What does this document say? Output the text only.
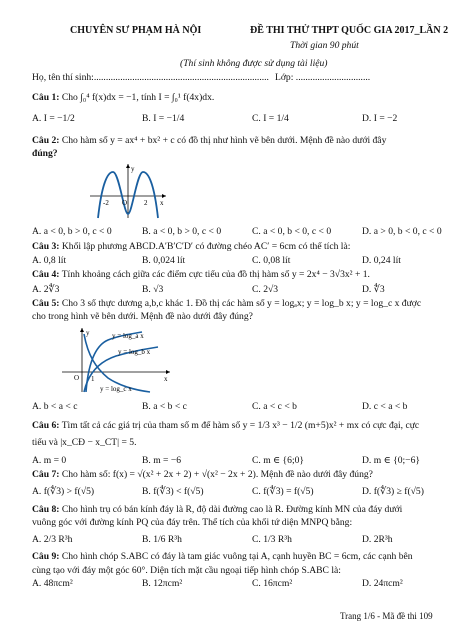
CHUYÊN SƯ PHẠM HÀ NỘI	ĐỀ THI THỬ THPT QUỐC GIA 2017_LẦN 2
Thời gian 90 phút
(Thí sinh không được sử dụng tài liệu)
Họ, tên thí sinh:......................................................................... Lớp: ...............................
Câu 1: Cho ∫₀⁴ f(x)dx = −1, tính I = ∫₀¹ f(4x)dx.
A. I = −1/2	B. I = −1/4	C. I = 1/4	D. I = −2
Câu 2: Cho hàm số y = ax⁴ + bx² + c có đồ thị như hình vẽ bên dưới. Mệnh đề nào dưới đây
đúng?
y
x
-2 O 2
A. a < 0, b > 0, c < 0	B. a < 0, b > 0, c < 0	C. a < 0, b < 0, c < 0	D. a > 0, b < 0, c < 0
Câu 3: Khối lập phương ABCD.A′B′C′D′ có đường chéo AC′ = 6cm có thể tích là:
A. 0,8 lít	B. 0,024 lít	C. 0,08 lít	D. 0,24 lít
Câu 4: Tính khoảng cách giữa các điểm cực tiểu của đồ thị hàm số y = 2x⁴ − 3√3x² + 1.
A. 2∜3	B. √3	C. 2√3	D. ∜3
Câu 5: Cho 3 số thực dương a,b,c khác 1. Đồ thị các hàm số y = logₐx; y = log_b x; y = log_c x được
cho trong hình vẽ bên dưới. Mệnh đề nào dưới đây đúng?
y	y = log_a x
y = log_b x
x
O 1
y = log_c x
A. b < a < c	B. a < b < c	C. a < c < b	D. c < a < b
Câu 6: Tìm tất cả các giá trị của tham số m để hàm số y = 1/3 x³ − 1/2 (m+5)x² + mx có cực đại, cực
tiểu và |x_CĐ − x_CT| = 5.
A. m = 0	B. m = −6	C. m ∈ {6;0}	D. m ∈ {0;−6}
Câu 7: Cho hàm số: f(x) = √(x² + 2x + 2) + √(x² − 2x + 2). Mệnh đề nào dưới đây đúng?
A. f(∜3) > f(√5)	B. f(∜3) < f(√5)	C. f(∜3) = f(√5)	D. f(∜3) ≥ f(√5)
Câu 8: Cho hình trụ có bán kính đáy là R, độ dài đường cao là R. Đường kính MN của đáy dưới
vuông góc với đường kính PQ của đáy trên. Thể tích của khối tứ diện MNPQ bằng:
A. 2/3 R³h	B. 1/6 R³h	C. 1/3 R³h	D. 2R³h
Câu 9: Cho hình chóp S.ABC có đáy là tam giác vuông tại A, cạnh huyền BC = 6cm, các cạnh bên
cùng tạo với đáy một góc 60°. Diện tích mặt cầu ngoại tiếp hình chóp S.ABC là:
A. 48πcm²	B. 12πcm²	C. 16πcm²	D. 24πcm²
Trang 1/6 - Mã đề thi 109
